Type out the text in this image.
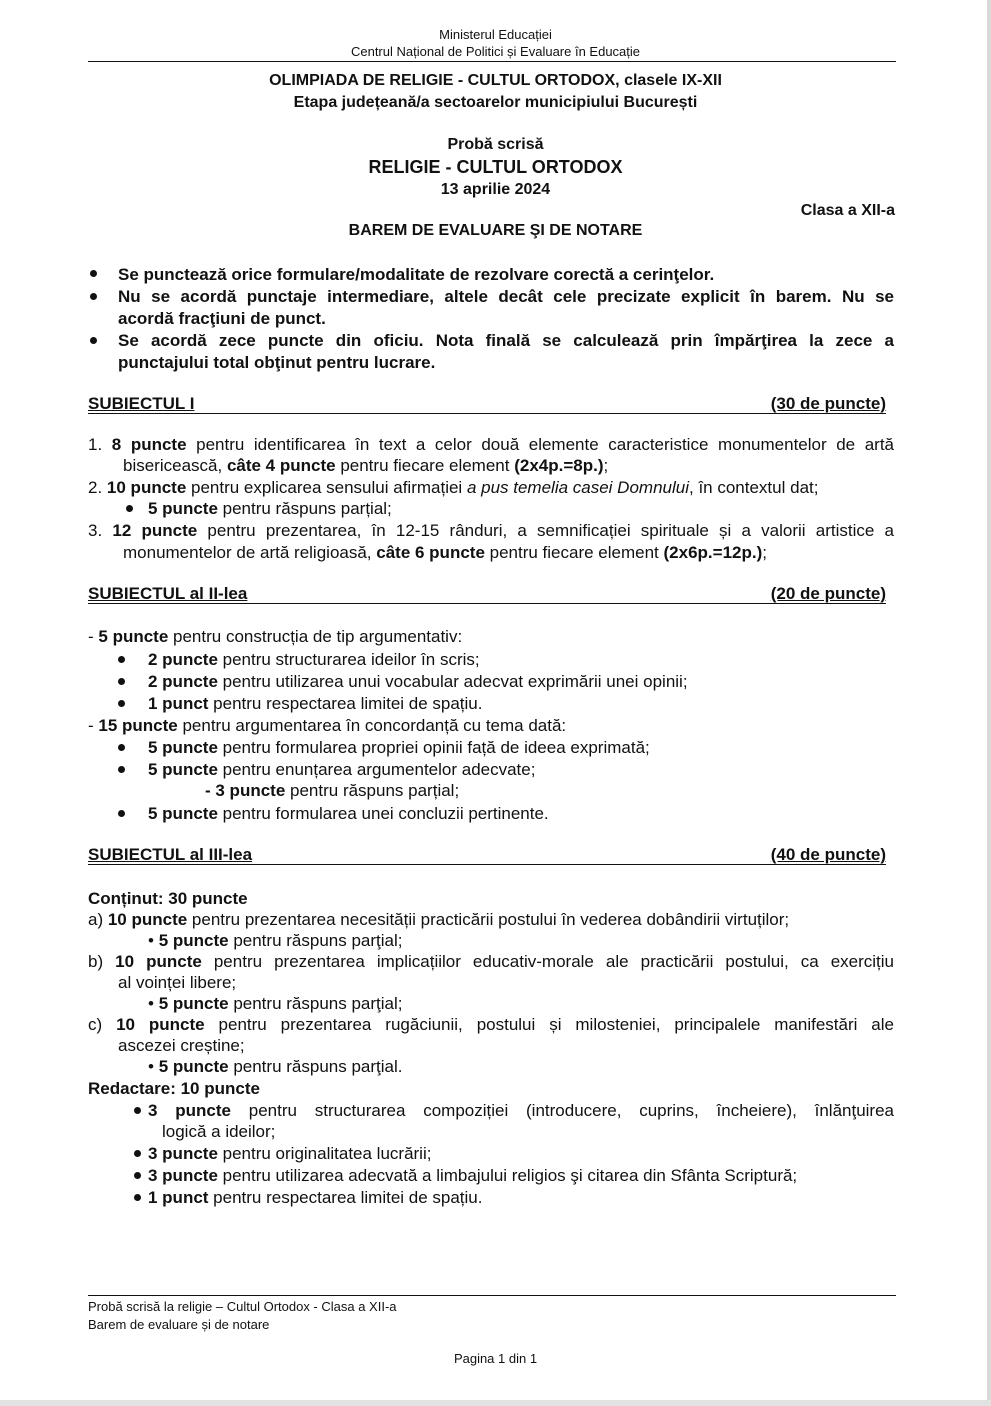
Ministerul Educației
Centrul Național de Politici și Evaluare în Educație
OLIMPIADA DE RELIGIE - CULTUL ORTODOX, clasele IX-XII
Etapa județeană/a sectoarelor municipiului București
Probă scrisă
RELIGIE - CULTUL ORTODOX
13 aprilie 2024
Clasa a XII-a
BAREM DE EVALUARE ŞI DE NOTARE
Se punctează orice formulare/modalitate de rezolvare corectă a cerinţelor.
Nu se acordă punctaje intermediare, altele decât cele precizate explicit în barem. Nu se
acordă fracţiuni de punct.
Se acordă zece puncte din oficiu. Nota finală se calculează prin împărţirea la zece a
punctajului total obţinut pentru lucrare.
SUBIECTUL I	(30 de puncte)
1. 8 puncte pentru identificarea în text a celor două elemente caracteristice monumentelor de artă
bisericească, câte 4 puncte pentru fiecare element (2x4p.=8p.);
2. 10 puncte pentru explicarea sensului afirmației a pus temelia casei Domnului, în contextul dat;
5 puncte pentru răspuns parțial;
3. 12 puncte pentru prezentarea, în 12-15 rânduri, a semnificației spirituale și a valorii artistice a
monumentelor de artă religioasă, câte 6 puncte pentru fiecare element (2x6p.=12p.);
SUBIECTUL al II-lea	(20 de puncte)
- 5 puncte pentru construcția de tip argumentativ:
2 puncte pentru structurarea ideilor în scris;
2 puncte pentru utilizarea unui vocabular adecvat exprimării unei opinii;
1 punct pentru respectarea limitei de spațiu.
- 15 puncte pentru argumentarea în concordanță cu tema dată:
5 puncte pentru formularea propriei opinii față de ideea exprimată;
5 puncte pentru enunțarea argumentelor adecvate;
- 3 puncte pentru răspuns parțial;
5 puncte pentru formularea unei concluzii pertinente.
SUBIECTUL al III-lea	(40 de puncte)
Conținut: 30 puncte
a) 10 puncte pentru prezentarea necesității practicării postului în vederea dobândirii virtuților;
• 5 puncte pentru răspuns parţial;
b) 10 puncte pentru prezentarea implicațiilor educativ-morale ale practicării postului, ca exercițiu
al voinței libere;
• 5 puncte pentru răspuns parţial;
c) 10 puncte pentru prezentarea rugăciunii, postului și milosteniei, principalele manifestări ale
ascezei creștine;
• 5 puncte pentru răspuns parţial.
Redactare: 10 puncte
3 puncte pentru structurarea compoziției (introducere, cuprins, încheiere), înlănţuirea
logică a ideilor;
3 puncte pentru originalitatea lucrării;
3 puncte pentru utilizarea adecvată a limbajului religios şi citarea din Sfânta Scriptură;
1 punct pentru respectarea limitei de spațiu.
Probă scrisă la religie – Cultul Ortodox - Clasa a XII-a
Barem de evaluare și de notare
Pagina 1 din 1
